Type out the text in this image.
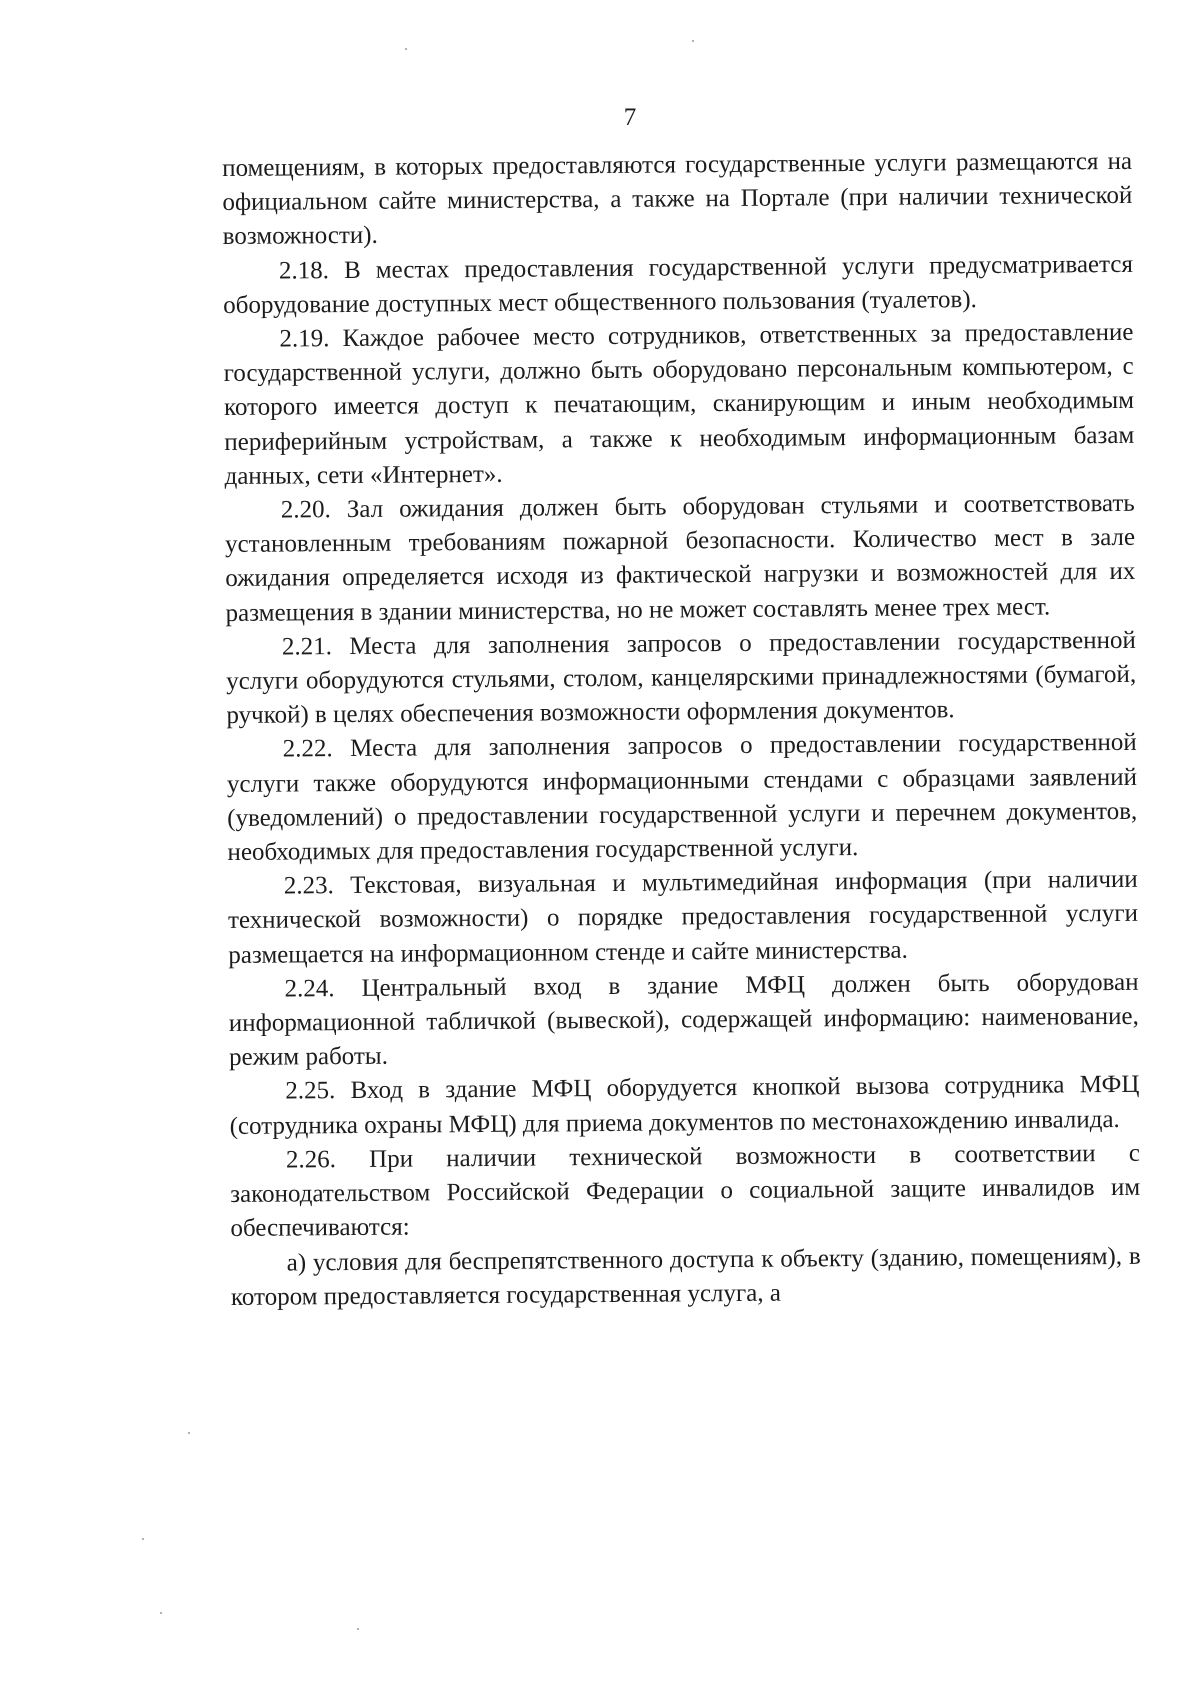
7

помещениям, в которых предоставляются государственные услуги размещаются на официальном сайте министерства, а также на Портале (при наличии технической возможности).

2.18. В местах предоставления государственной услуги предусматривается оборудование доступных мест общественного пользования (туалетов).

2.19. Каждое рабочее место сотрудников, ответственных за предоставление государственной услуги, должно быть оборудовано персональным компьютером, с которого имеется доступ к печатающим, сканирующим и иным необходимым периферийным устройствам, а также к необходимым информационным базам данных, сети «Интернет».

2.20. Зал ожидания должен быть оборудован стульями и соответствовать установленным требованиям пожарной безопасности. Количество мест в зале ожидания определяется исходя из фактической нагрузки и возможностей для их размещения в здании министерства, но не может составлять менее трех мест.

2.21. Места для заполнения запросов о предоставлении государственной услуги оборудуются стульями, столом, канцелярскими принадлежностями (бумагой, ручкой) в целях обеспечения возможности оформления документов.

2.22. Места для заполнения запросов о предоставлении государственной услуги также оборудуются информационными стендами с образцами заявлений (уведомлений) о предоставлении государственной услуги и перечнем документов, необходимых для предоставления государственной услуги.

2.23. Текстовая, визуальная и мультимедийная информация (при наличии технической возможности) о порядке предоставления государственной услуги размещается на информационном стенде и сайте министерства.

2.24. Центральный вход в здание МФЦ должен быть оборудован информационной табличкой (вывеской), содержащей информацию: наименование, режим работы.

2.25. Вход в здание МФЦ оборудуется кнопкой вызова сотрудника МФЦ (сотрудника охраны МФЦ) для приема документов по местонахождению инвалида.

2.26. При наличии технической возможности в соответствии с законодательством Российской Федерации о социальной защите инвалидов им обеспечиваются:

а) условия для беспрепятственного доступа к объекту (зданию, помещениям), в котором предоставляется государственная услуга, а
